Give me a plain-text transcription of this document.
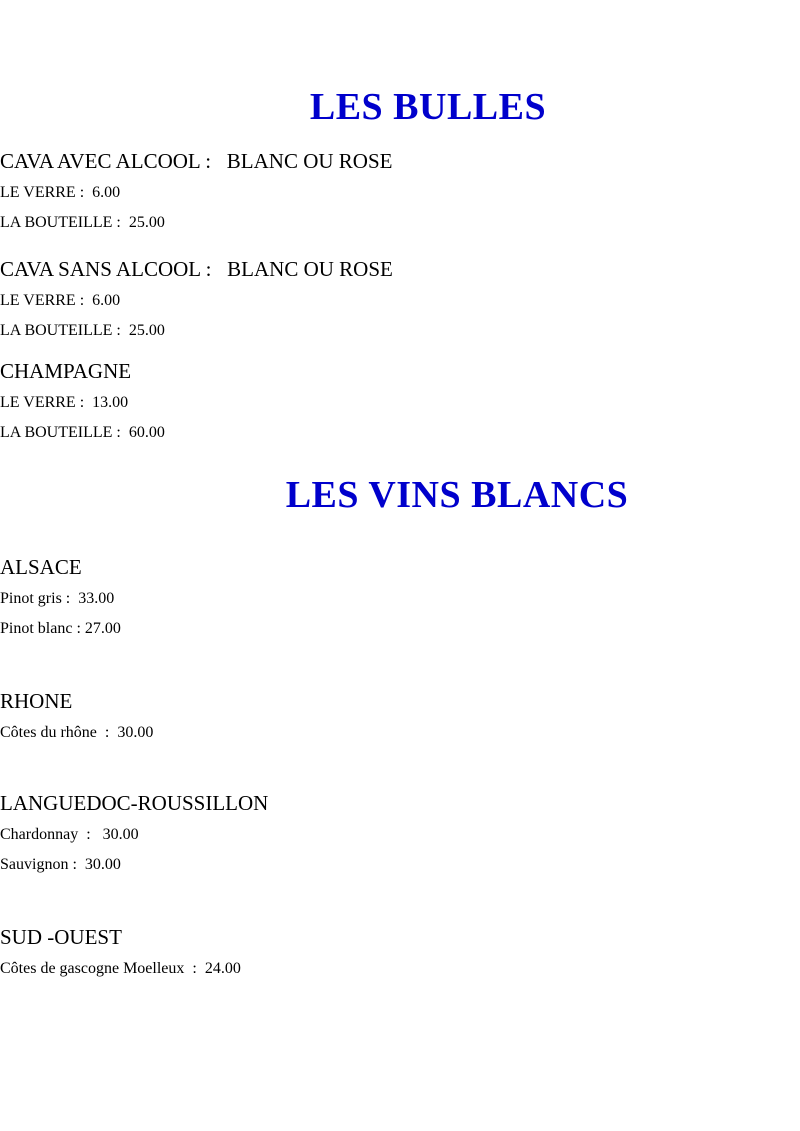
LES BULLES
CAVA AVEC ALCOOL :   BLANC OU ROSE
LE VERRE :  6.00
LA BOUTEILLE :  25.00
CAVA SANS ALCOOL :   BLANC OU ROSE
LE VERRE :  6.00
LA BOUTEILLE :  25.00
CHAMPAGNE
LE VERRE :  13.00
LA BOUTEILLE :  60.00
LES VINS BLANCS
ALSACE
Pinot gris :  33.00
Pinot blanc : 27.00
RHONE
Côtes du rhône  :  30.00
LANGUEDOC-ROUSSILLON
Chardonnay  :   30.00
Sauvignon :  30.00
SUD -OUEST
Côtes de gascogne Moelleux  :  24.00
